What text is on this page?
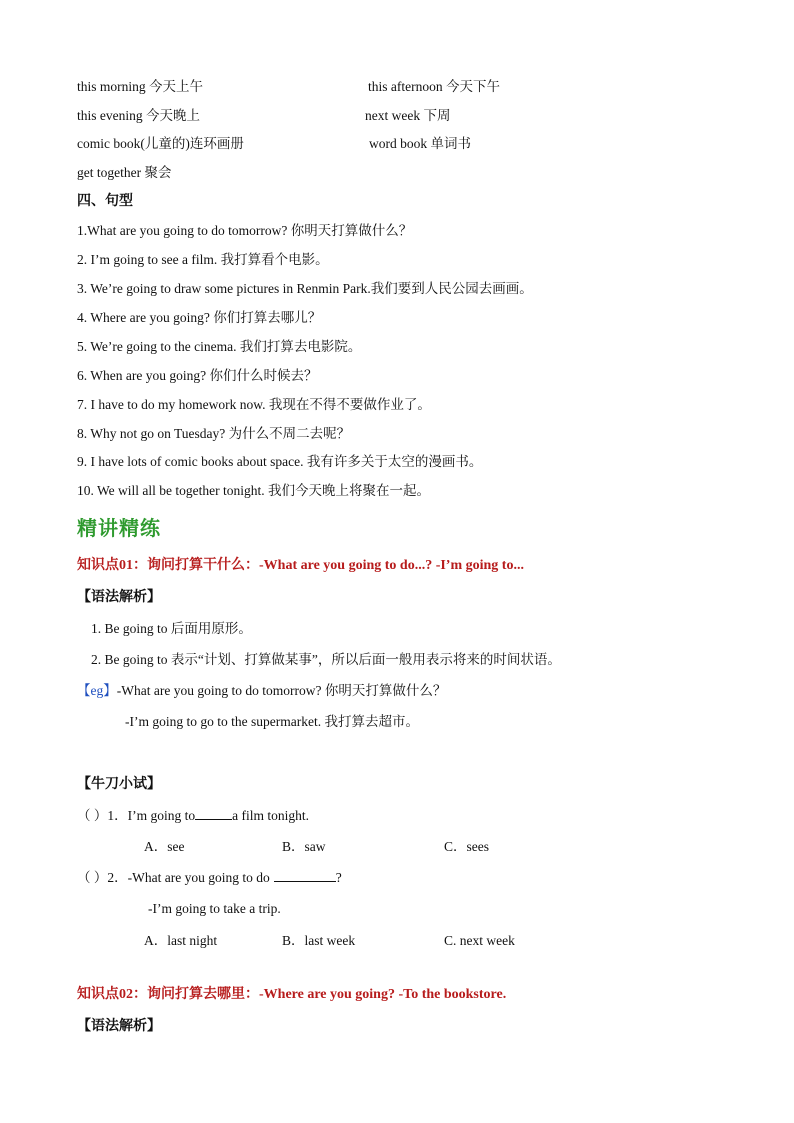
this morning 今天上午	this afternoon 今天下午
this evening 今天晚上	next week 下周
comic book(儿童的)连环画册	word book 单词书
get together 聚会
四、句型
1.What are you going to do tomorrow? 你明天打算做什么？
2. I’m going to see a film. 我打算看个电影。
3. We’re going to draw some pictures in Renmin Park.我们要到人民公园去画画。
4. Where are you going? 你们打算去哪儿？
5. We’re going to the cinema. 我们打算去电影院。
6. When are you going? 你们什么时候去？
7. I have to do my homework now. 我现在不得不要做作业了。
8. Why not go on Tuesday? 为什么不周二去呢？
9. I have lots of comic books about space. 我有许多关于太空的漫画书。
10. We will all be together tonight. 我们今天晚上将聚在一起。
精讲精练
知识点01：询问打算干什么：-What are you going to do...? -I’m going to...
【语法解析】
1. Be going to 后面用原形。
2. Be going to 表示“计划、打算做某事”，所以后面一般用表示将来的时间状语。
【eg】-What are you going to do tomorrow? 你明天打算做什么？
-I’m going to go to the supermarket. 我打算去超市。
【牛刀小试】
（ ）1．I’m going to	a film tonight.
A．see	B．saw	C．sees
（ ）2．-What are you going to do	?
-I’m going to take a trip.
A．last night	B．last week	C. next week
知识点02：询问打算去哪里：-Where are you going? -To the bookstore.
【语法解析】
